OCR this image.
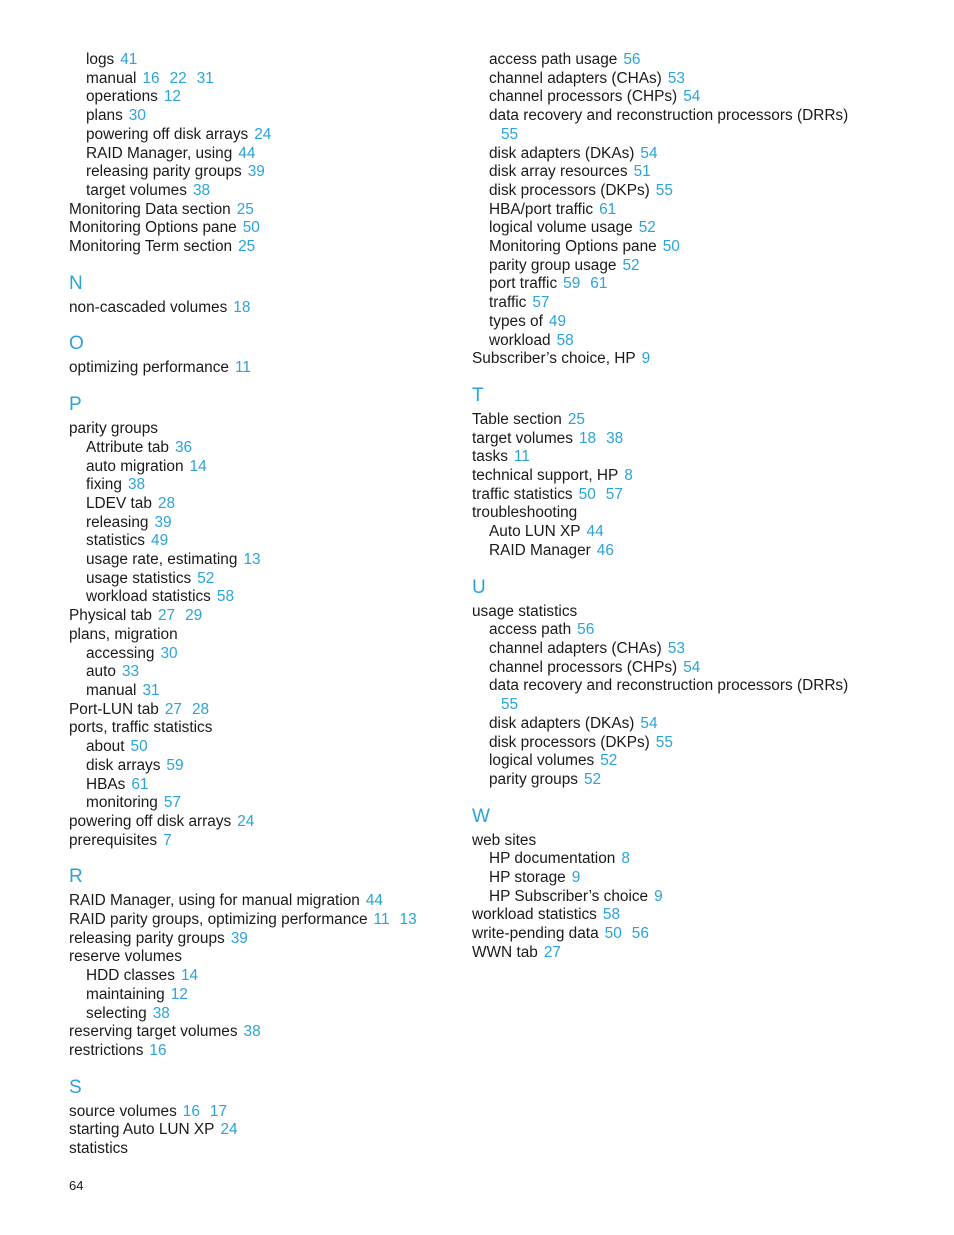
logs 41
manual 16 22 31
operations 12
plans 30
powering off disk arrays 24
RAID Manager, using 44
releasing parity groups 39
target volumes 38
Monitoring Data section 25
Monitoring Options pane 50
Monitoring Term section 25
N
non-cascaded volumes 18
O
optimizing performance 11
P
parity groups
Attribute tab 36
auto migration 14
fixing 38
LDEV tab 28
releasing 39
statistics 49
usage rate, estimating 13
usage statistics 52
workload statistics 58
Physical tab 27 29
plans, migration
accessing 30
auto 33
manual 31
Port-LUN tab 27 28
ports, traffic statistics
about 50
disk arrays 59
HBAs 61
monitoring 57
powering off disk arrays 24
prerequisites 7
R
RAID Manager, using for manual migration 44
RAID parity groups, optimizing performance 11 13
releasing parity groups 39
reserve volumes
HDD classes 14
maintaining 12
selecting 38
reserving target volumes 38
restrictions 16
S
source volumes 16 17
starting Auto LUN XP 24
statistics
access path usage 56
channel adapters (CHAs) 53
channel processors (CHPs) 54
data recovery and reconstruction processors (DRRs)
55
disk adapters (DKAs) 54
disk array resources 51
disk processors (DKPs) 55
HBA/port traffic 61
logical volume usage 52
Monitoring Options pane 50
parity group usage 52
port traffic 59 61
traffic 57
types of 49
workload 58
Subscriber’s choice, HP 9
T
Table section 25
target volumes 18 38
tasks 11
technical support, HP 8
traffic statistics 50 57
troubleshooting
Auto LUN XP 44
RAID Manager 46
U
usage statistics
access path 56
channel adapters (CHAs) 53
channel processors (CHPs) 54
data recovery and reconstruction processors (DRRs)
55
disk adapters (DKAs) 54
disk processors (DKPs) 55
logical volumes 52
parity groups 52
W
web sites
HP documentation 8
HP storage 9
HP Subscriber’s choice 9
workload statistics 58
write-pending data 50 56
WWN tab 27
64
